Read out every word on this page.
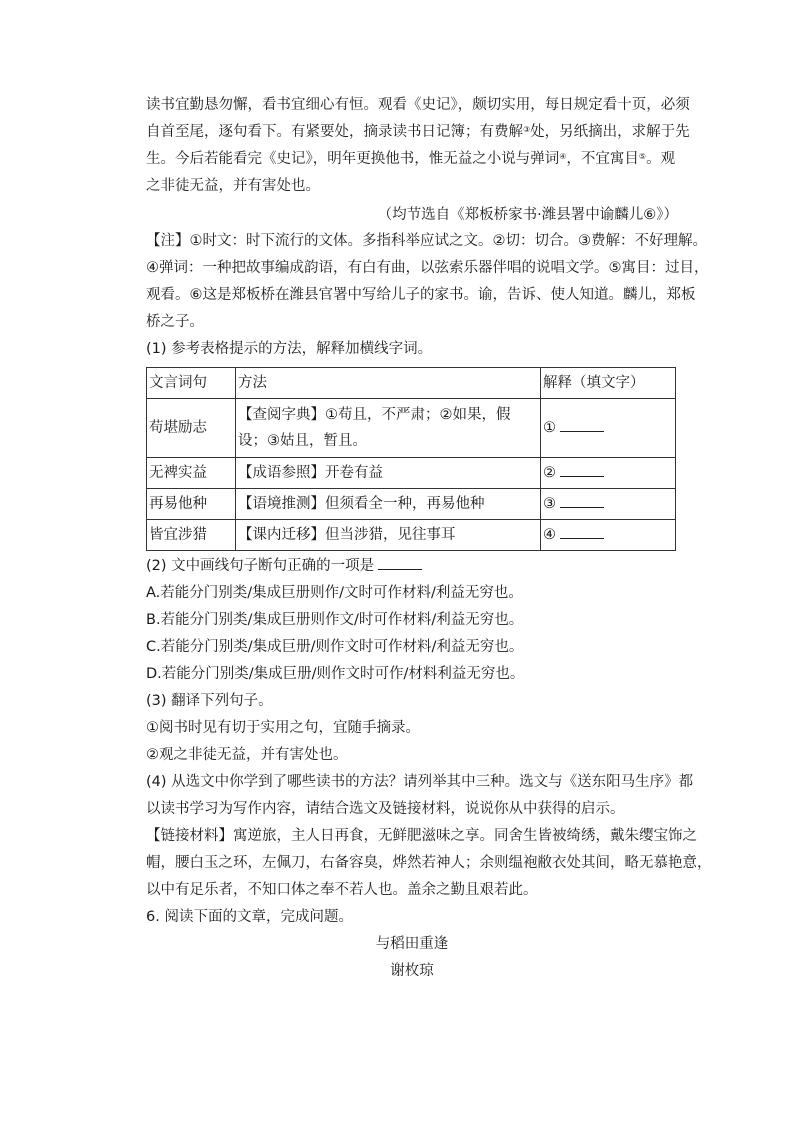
读书宜勤恳勿懈，看书宜细心有恒。观看《史记》，颇切实用，每日规定看十页，必须
自首至尾，逐句看下。有紧要处，摘录读书日记簿；有费解③处，另纸摘出，求解于先
生。今后若能看完《史记》，明年更换他书，惟无益之小说与弹词④，不宜寓目⑤。观
之非徒无益，并有害处也。

（均节选自《郑板桥家书·潍县署中谕麟儿⑥》）

【注】①时文：时下流行的文体。多指科举应试之文。②切：切合。③费解：不好理解。
④弹词：一种把故事编成韵语，有白有曲，以弦索乐器伴唱的说唱文学。⑤寓目：过目，
观看。⑥这是郑板桥在潍县官署中写给儿子的家书。谕，告诉、使人知道。麟儿，郑板
桥之子。

(1) 参考表格提示的方法，解释加横线字词。

文言词句	方法	解释（填文字）
苟堪励志	【查阅字典】①苟且，不严肃；②如果，假设；③姑且，暂且。	①
无裨实益	【成语参照】开卷有益	②
再易他种	【语境推测】但须看全一种，再易他种	③
皆宜涉猎	【课内迁移】但当涉猎，见往事耳	④

(2) 文中画线句子断句正确的一项是

A.若能分门别类/集成巨册则作/文时可作材料/利益无穷也。

B.若能分门别类/集成巨册则作文/时可作材料/利益无穷也。

C.若能分门别类/集成巨册/则作文时可作材料/利益无穷也。

D.若能分门别类/集成巨册/则作文时可作/材料利益无穷也。

(3) 翻译下列句子。

①阅书时见有切于实用之句，宜随手摘录。

②观之非徒无益，并有害处也。

(4) 从选文中你学到了哪些读书的方法？请列举其中三种。选文与《送东阳马生序》都
以读书学习为写作内容，请结合选文及链接材料，说说你从中获得的启示。
【链接材料】寓逆旅，主人日再食，无鲜肥滋味之享。同舍生皆被绮绣，戴朱缨宝饰之
帽，腰白玉之环，左佩刀，右备容臭，烨然若神人；余则缊袍敝衣处其间，略无慕艳意，
以中有足乐者，不知口体之奉不若人也。盖余之勤且艰若此。

6. 阅读下面的文章，完成问题。

与稻田重逢

谢枚琼
